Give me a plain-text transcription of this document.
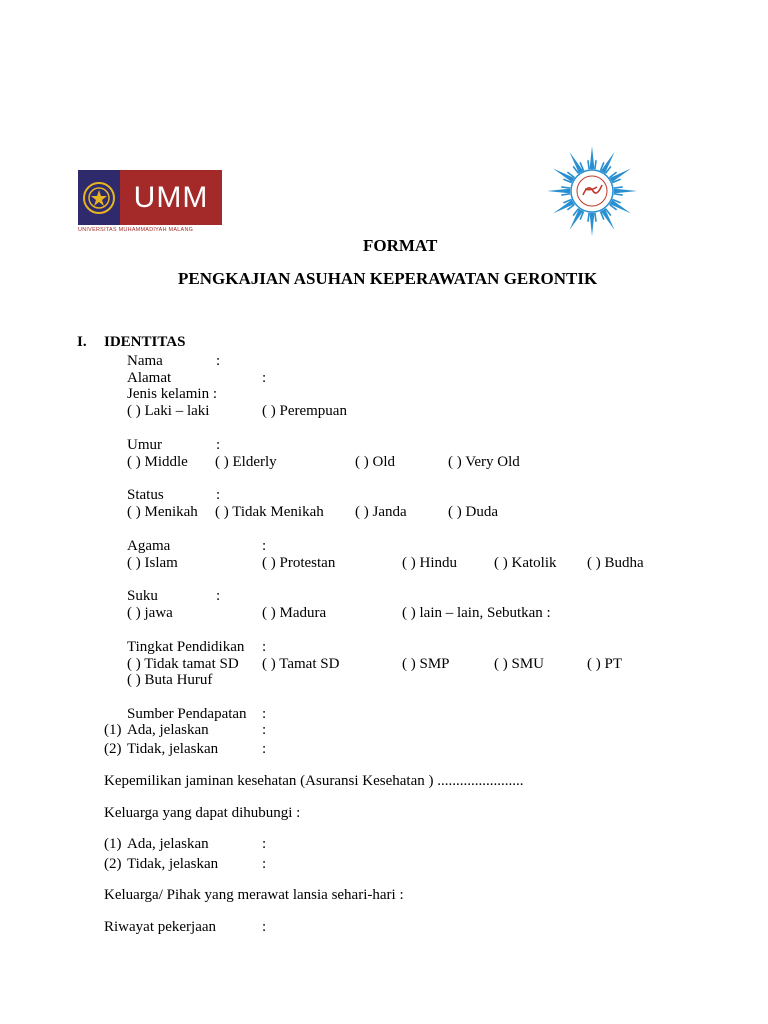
UMM
UNIVERSITAS MUHAMMADIYAH MALANG
FORMAT
PENGKAJIAN ASUHAN KEPERAWATAN GERONTIK
I. IDENTITAS
Nama	:
Alamat	:
Jenis kelamin :
( ) Laki – laki	( ) Perempuan
Umur	:
( ) Middle ( ) Elderly	( ) Old	( ) Very Old
Status	:
( ) Menikah ( ) Tidak Menikah ( ) Janda	( ) Duda
Agama	:
( ) Islam	( ) Protestan	( ) Hindu ( ) Katolik ( ) Budha
Suku	:
( ) jawa	( ) Madura	( ) lain – lain, Sebutkan :
Tingkat Pendidikan :
( ) Tidak tamat SD ( ) Tamat SD	( ) SMP	( ) SMU	( ) PT
( ) Buta Huruf
Sumber Pendapatan :
(1) Ada, jelaskan	:
(2) Tidak, jelaskan	:
Kepemilikan jaminan kesehatan (Asuransi Kesehatan ) .......................
Keluarga yang dapat dihubungi :
(1) Ada, jelaskan	:
(2) Tidak, jelaskan	:
Keluarga/ Pihak yang merawat lansia sehari-hari :
Riwayat pekerjaan	:
